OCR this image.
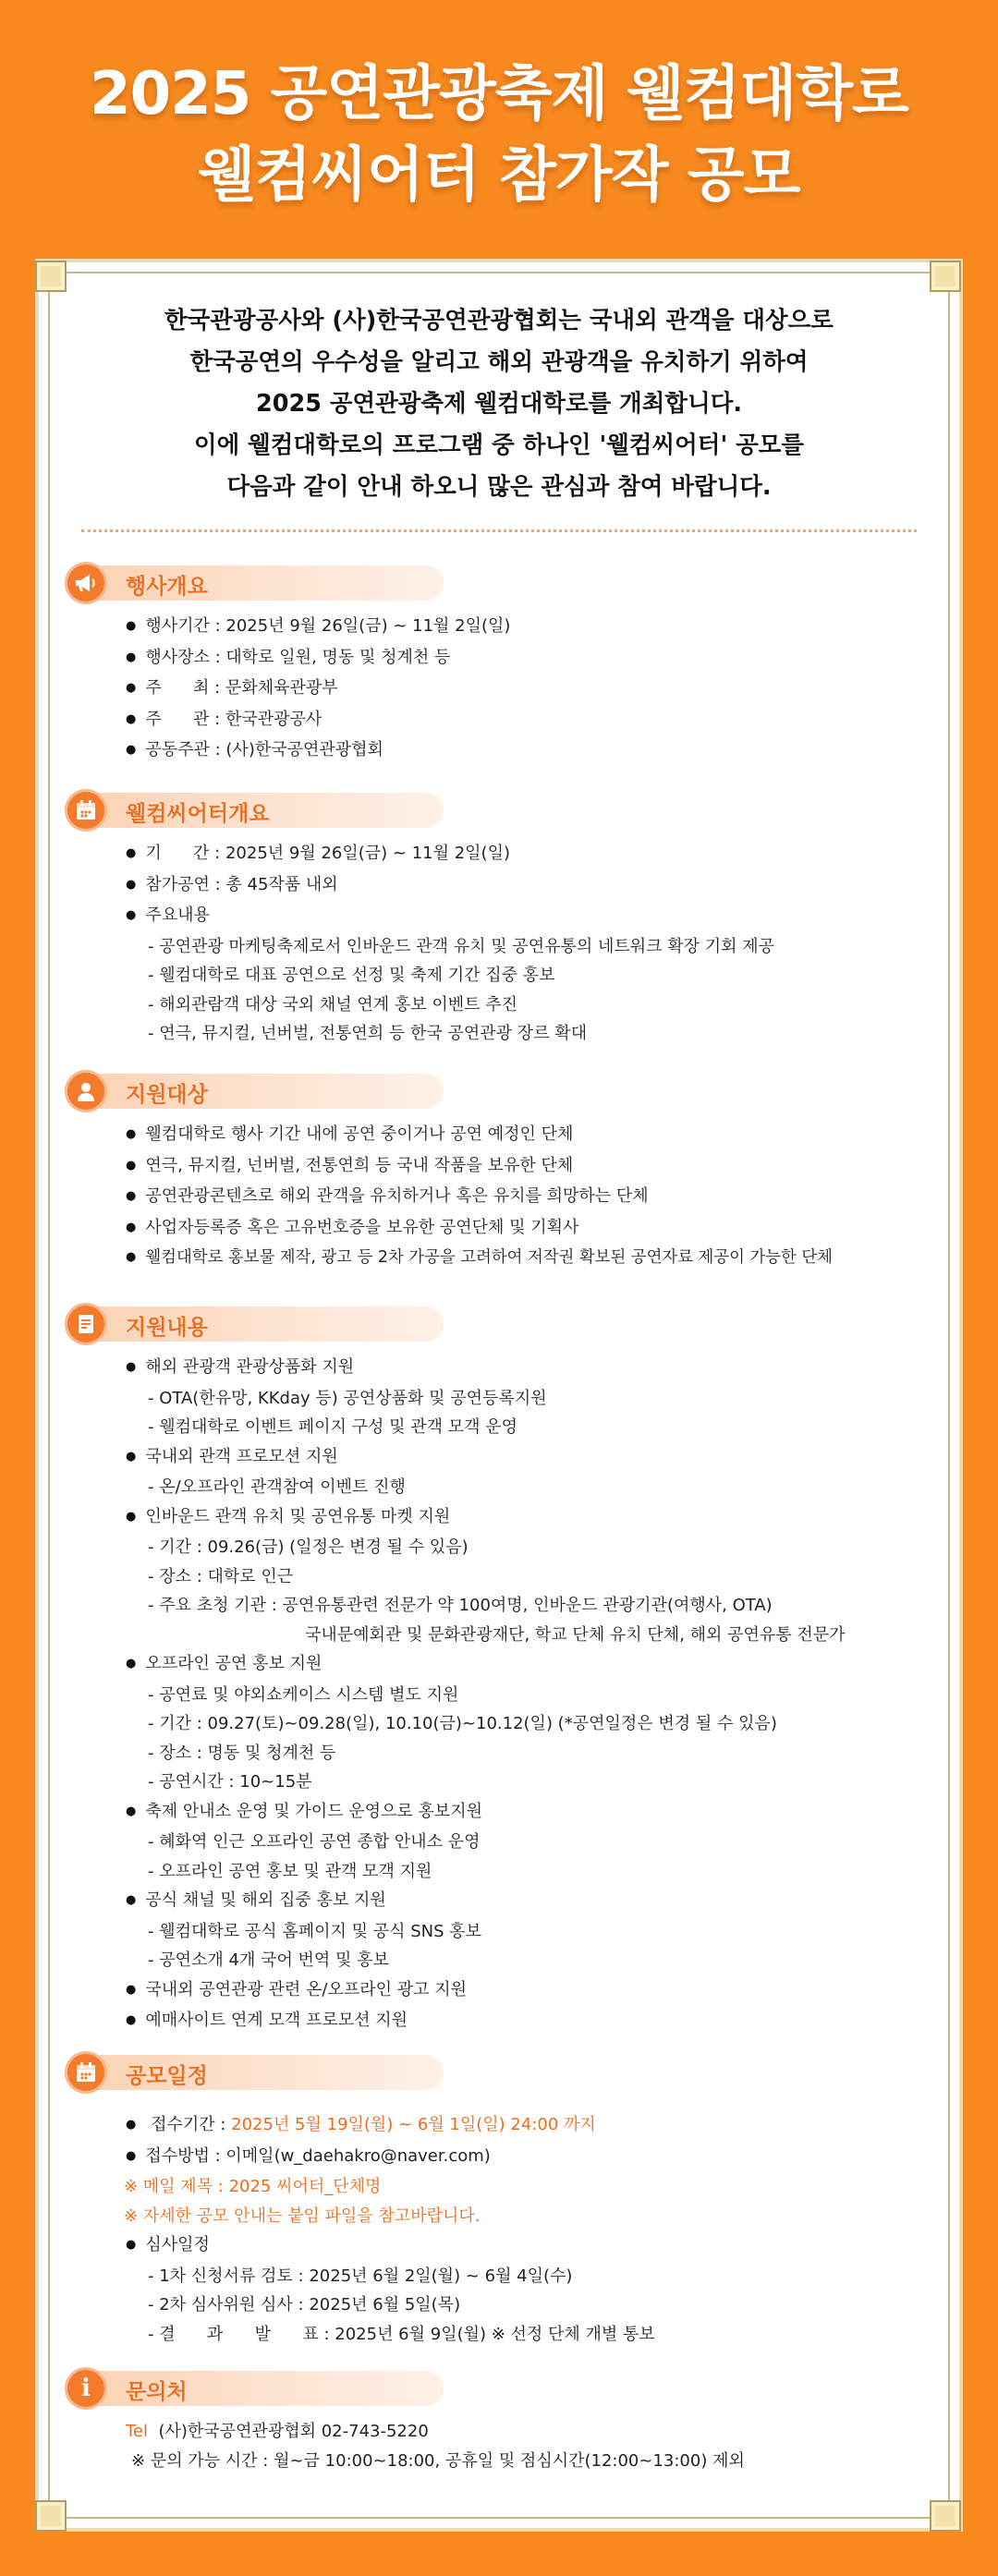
2025 공연관광축제 웰컴대학로
웰컴씨어터 참가작 공모
한국관광공사와 (사)한국공연관광협회는 국내외 관객을 대상으로
한국공연의 우수성을 알리고 해외 관광객을 유치하기 위하여
2025 공연관광축제 웰컴대학로를 개최합니다.
이에 웰컴대학로의 프로그램 중 하나인 '웰컴씨어터' 공모를
다음과 같이 안내 하오니 많은 관심과 참여 바랍니다.
행사개요
● 행사기간 : 2025년 9월 26일(금) ~ 11월 2일(일)
● 행사장소 : 대학로 일원, 명동 및 청계천 등
● 주      최 : 문화체육관광부
● 주      관 : 한국관광공사
● 공동주관 : (사)한국공연관광협회
웰컴씨어터개요
● 기      간 : 2025년 9월 26일(금) ~ 11월 2일(일)
● 참가공연 : 총 45작품 내외
● 주요내용
- 공연관광 마케팅축제로서 인바운드 관객 유치 및 공연유통의 네트워크 확장 기회 제공
- 웰컴대학로 대표 공연으로 선정 및 축제 기간 집중 홍보
- 해외관람객 대상 국외 채널 연계 홍보 이벤트 추진
- 연극, 뮤지컬, 넌버벌, 전통연희 등 한국 공연관광 장르 확대
지원대상
● 웰컴대학로 행사 기간 내에 공연 중이거나 공연 예정인 단체
● 연극, 뮤지컬, 넌버벌, 전통연희 등 국내 작품을 보유한 단체
● 공연관광콘텐츠로 해외 관객을 유치하거나 혹은 유치를 희망하는 단체
● 사업자등록증 혹은 고유번호증을 보유한 공연단체 및 기획사
● 웰컴대학로 홍보물 제작, 광고 등 2차 가공을 고려하여 저작권 확보된 공연자료 제공이 가능한 단체
지원내용
● 해외 관광객 관광상품화 지원
- OTA(한유망, KKday 등) 공연상품화 및 공연등록지원
- 웰컴대학로 이벤트 페이지 구성 및 관객 모객 운영
● 국내외 관객 프로모션 지원
- 온/오프라인 관객참여 이벤트 진행
● 인바운드 관객 유치 및 공연유통 마켓 지원
- 기간 : 09.26(금) (일정은 변경 될 수 있음)
- 장소 : 대학로 인근
- 주요 초청 기관 : 공연유통관련 전문가 약 100여명, 인바운드 관광기관(여행사, OTA)
국내문예회관 및 문화관광재단, 학교 단체 유치 단체, 해외 공연유통 전문가
● 오프라인 공연 홍보 지원
- 공연료 및 야외쇼케이스 시스템 별도 지원
- 기간 : 09.27(토)~09.28(일), 10.10(금)~10.12(일) (*공연일정은 변경 될 수 있음)
- 장소 : 명동 및 청계천 등
- 공연시간 : 10~15분
● 축제 안내소 운영 및 가이드 운영으로 홍보지원
- 혜화역 인근 오프라인 공연 종합 안내소 운영
- 오프라인 공연 홍보 및 관객 모객 지원
● 공식 채널 및 해외 집중 홍보 지원
- 웰컴대학로 공식 홈페이지 및 공식 SNS 홍보
- 공연소개 4개 국어 번역 및 홍보
● 국내외 공연관광 관련 온/오프라인 광고 지원
● 예매사이트 연계 모객 프로모션 지원
공모일정
● 접수기간 : 2025년 5월 19일(월) ~ 6월 1일(일) 24:00 까지
● 접수방법 : 이메일(w_daehakro@naver.com)
※ 메일 제목 : 2025 씨어터_단체명
※ 자세한 공모 안내는 붙임 파일을 참고바랍니다.
● 심사일정
- 1차 신청서류 검토 : 2025년 6월 2일(월) ~ 6월 4일(수)
- 2차 심사위원 심사 : 2025년 6월 5일(목)
- 결      과      발      표 : 2025년 6월 9일(월) ※ 선정 단체 개별 통보
i	문의처
Tel (사)한국공연관광협회 02-743-5220
※ 문의 가능 시간 : 월~금 10:00~18:00, 공휴일 및 점심시간(12:00~13:00) 제외
